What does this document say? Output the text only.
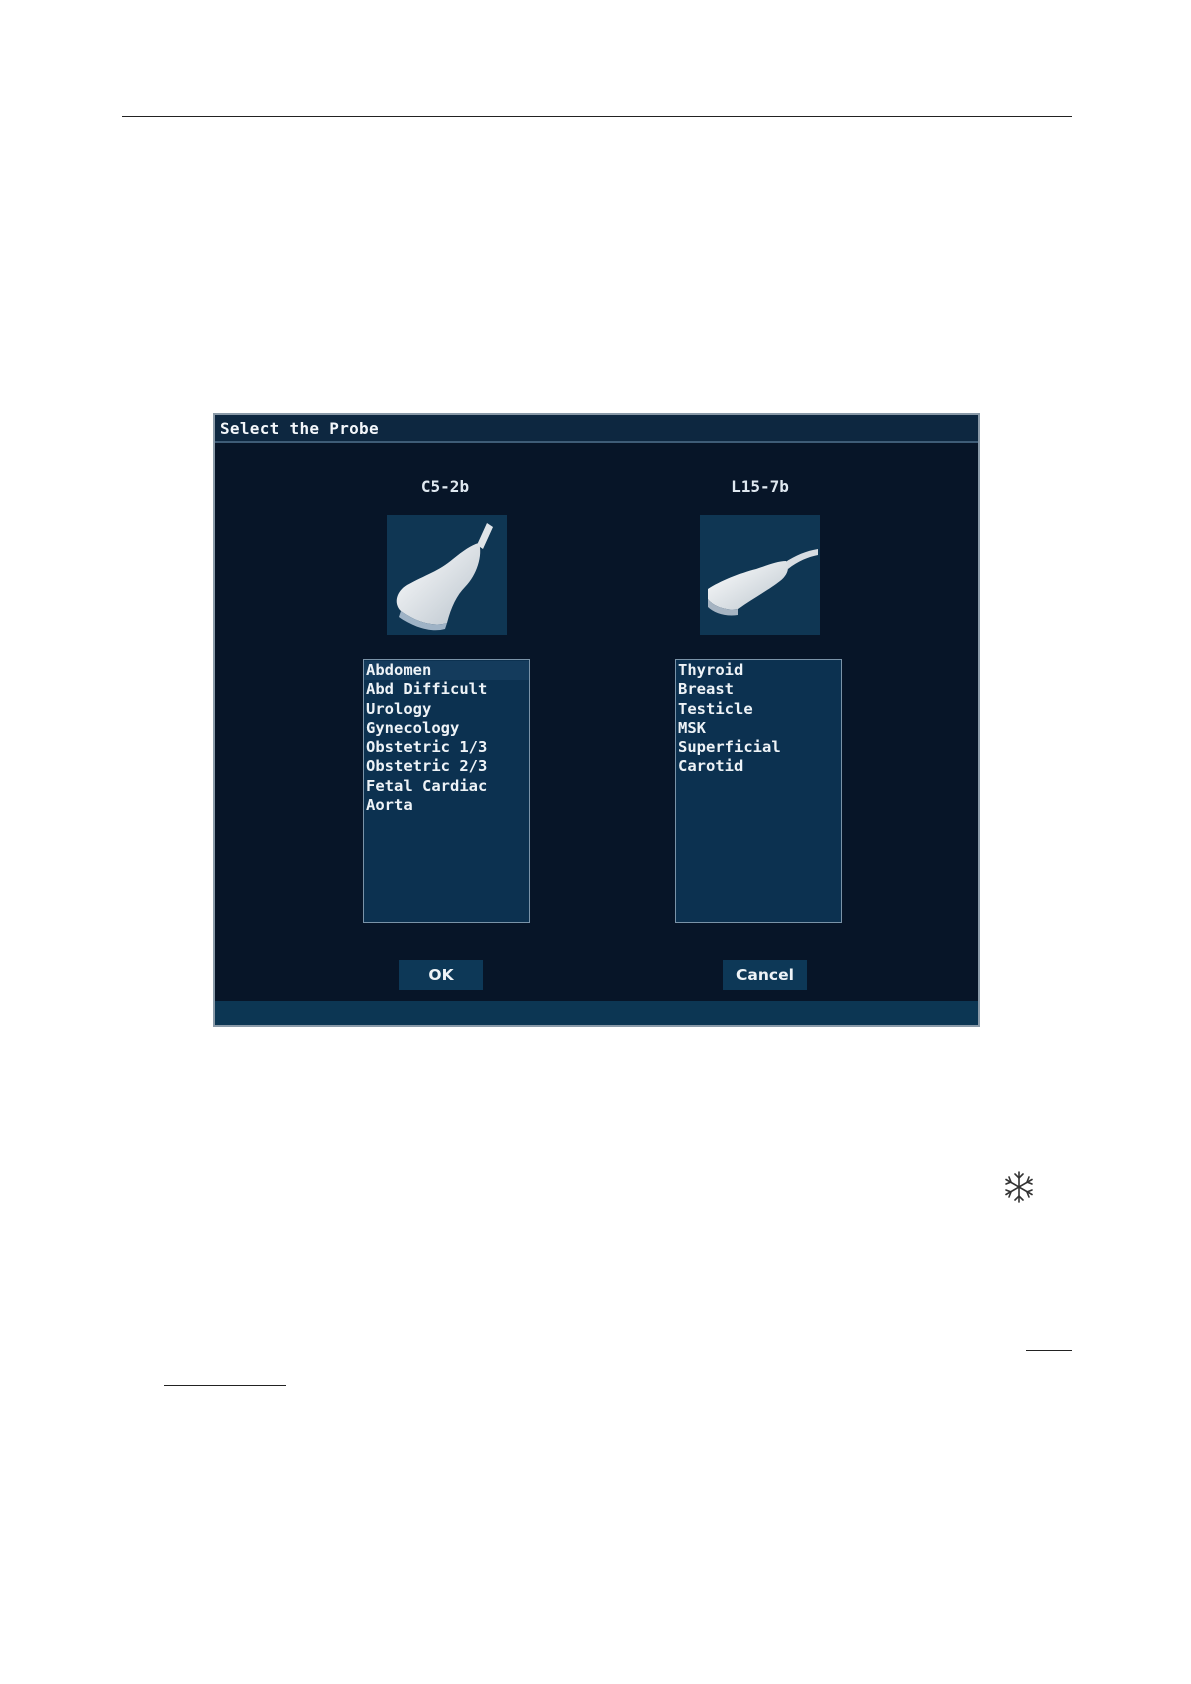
Select the Probe
C5-2b
Abdomen
Abd Difficult
Urology
Gynecology
Obstetric 1/3
Obstetric 2/3
Fetal Cardiac
Aorta
L15-7b
Thyroid
Breast
Testicle
MSK
Superficial
Carotid
OK	Cancel
